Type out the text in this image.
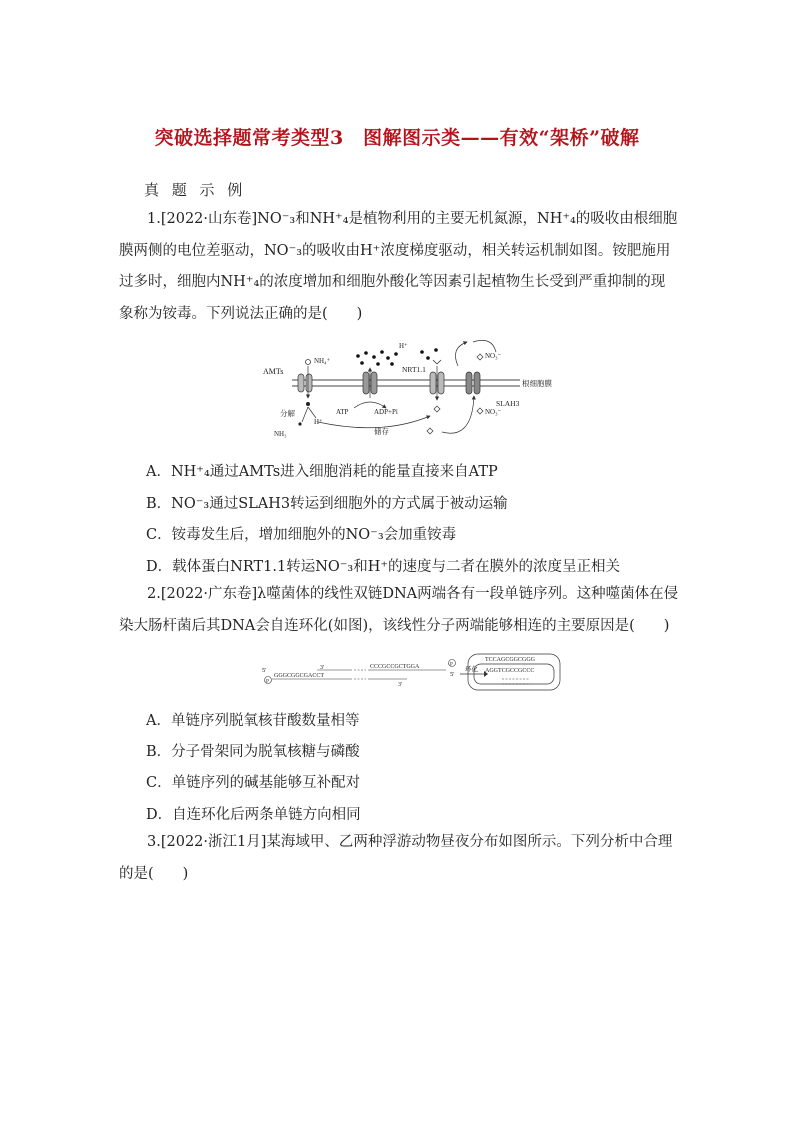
突破选择题常考类型3　图解图示类——有效“架桥”破解
真 题 示 例

1.[2022·山东卷]NO⁻₃和NH⁺₄是植物利用的主要无机氮源，NH⁺₄的吸收由根细胞膜两侧的电位差驱动，NO⁻₃的吸收由H⁺浓度梯度驱动，相关转运机制如图。铵肥施用过多时，细胞内NH⁺₄的浓度增加和细胞外酸化等因素引起植物生长受到严重抑制的现象称为铵毒。下列说法正确的是(　　)

根细胞膜
AMTs
NH₄⁺
分解
NH₃
H⁺
ATP	ADP+Pi
储存
NRT1.1
H⁺
SLAH3
NO₃⁻
NO₃⁻

A．NH⁺₄通过AMTs进入细胞消耗的能量直接来自ATP

B．NO⁻₃通过SLAH3转运到细胞外的方式属于被动运输

C．铵毒发生后，增加细胞外的NO⁻₃会加重铵毒

D．载体蛋白NRT1.1转运NO⁻₃和H⁺的速度与二者在膜外的浓度呈正相关

2.[2022·广东卷]λ噬菌体的线性双链DNA两端各有一段单链序列。这种噬菌体在侵染大肠杆菌后其DNA会自连环化(如图)，该线性分子两端能够相连的主要原因是(　　)

5'
P
GGGCGGCGACCT
3'	CCCGCCGCTGGA
3'
P
5'
环化
TCCAGCGGCGGG
AGGTCGCCGCCC

A．单链序列脱氧核苷酸数量相等

B．分子骨架同为脱氧核糖与磷酸

C．单链序列的碱基能够互补配对

D．自连环化后两条单链方向相同

3.[2022·浙江1月]某海域甲、乙两种浮游动物昼夜分布如图所示。下列分析中合理的是(　　)
